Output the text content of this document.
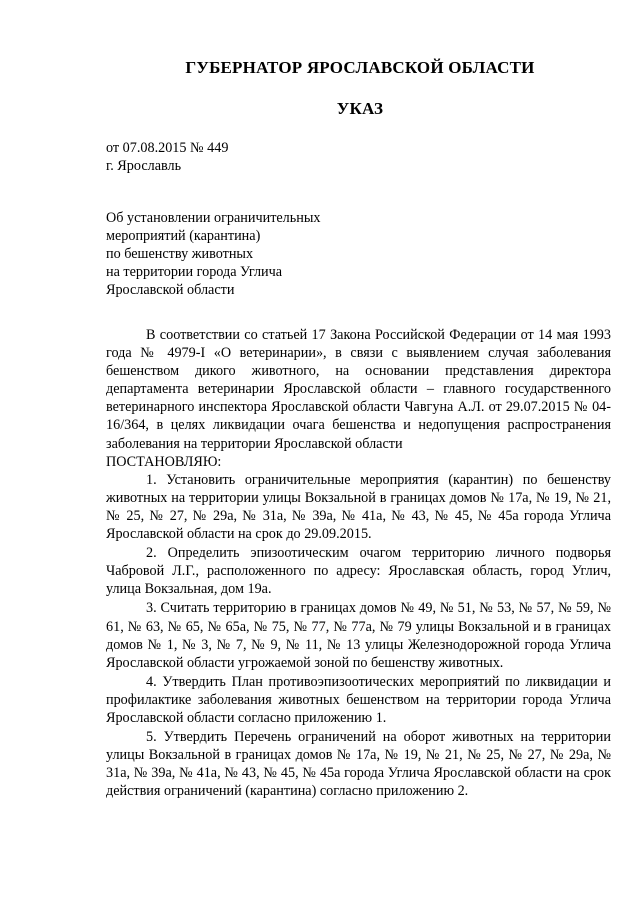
ГУБЕРНАТОР ЯРОСЛАВСКОЙ ОБЛАСТИ
УКАЗ
от 07.08.2015 № 449
г. Ярославль
Об установлении ограничительных
мероприятий (карантина)
по бешенству животных
на территории города Углича
Ярославской области

В соответствии со статьей 17 Закона Российской Федерации от 14 мая 1993 года № 4979-I «О ветеринарии», в связи с выявлением случая заболевания бешенством дикого животного, на основании представления директора департамента ветеринарии Ярославской области – главного государственного ветеринарного инспектора Ярославской области Чавгуна А.Л. от 29.07.2015 № 04-16/364, в целях ликвидации очага бешенства и недопущения распространения заболевания на территории Ярославской области

ПОСТАНОВЛЯЮ:

1. Установить ограничительные мероприятия (карантин) по бешенству животных на территории улицы Вокзальной в границах домов № 17а, № 19, № 21, № 25, № 27, № 29а, № 31а, № 39а, № 41а, № 43, № 45, № 45а города Углича Ярославской области на срок до 29.09.2015.

2. Определить эпизоотическим очагом территорию личного подворья Чабровой Л.Г., расположенного по адресу: Ярославская область, город Углич, улица Вокзальная, дом 19а.

3. Считать территорию в границах домов № 49, № 51, № 53, № 57, № 59, № 61, № 63, № 65, № 65а, № 75, № 77, № 77а, № 79 улицы Вокзальной и в границах домов № 1, № 3, № 7, № 9, № 11, № 13 улицы Железнодорожной города Углича Ярославской области угрожаемой зоной по бешенству животных.

4. Утвердить План противоэпизоотических мероприятий по ликвидации и профилактике заболевания животных бешенством на территории города Углича Ярославской области согласно приложению 1.

5. Утвердить Перечень ограничений на оборот животных на территории улицы Вокзальной в границах домов № 17а, № 19, № 21, № 25, № 27, № 29а, № 31а, № 39а, № 41а, № 43, № 45, № 45а города Углича Ярославской области на срок действия ограничений (карантина) согласно приложению 2.
